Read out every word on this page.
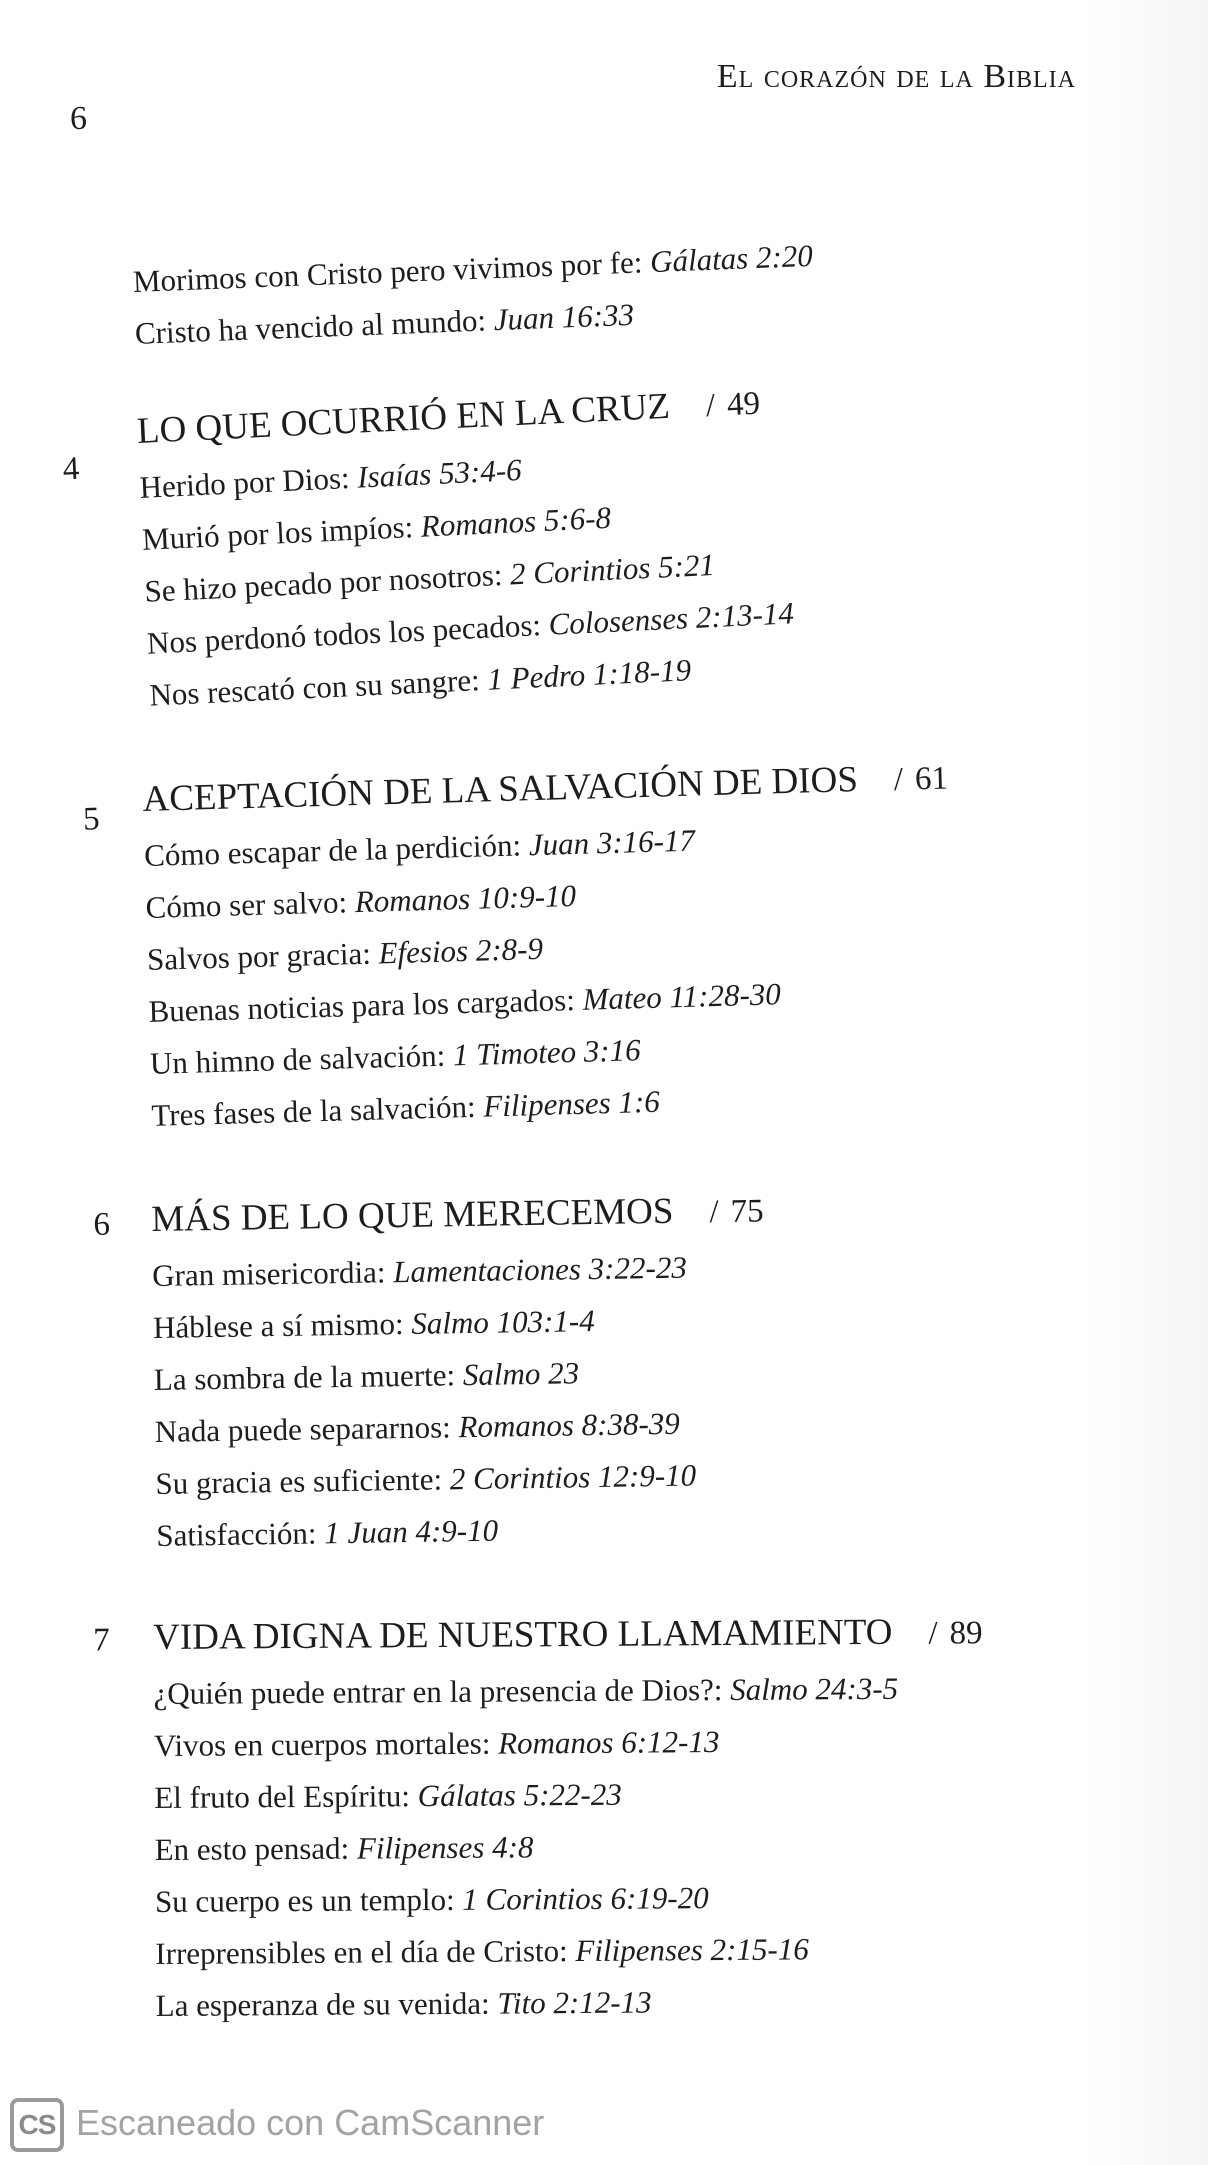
El corazón de la Biblia
6
Morimos con Cristo pero vivimos por fe: Gálatas 2:20
Cristo ha vencido al mundo: Juan 16:33
4
LO QUE OCURRIÓ EN LA CRUZ / 49
Herido por Dios: Isaías 53:4-6
Murió por los impíos: Romanos 5:6-8
Se hizo pecado por nosotros: 2 Corintios 5:21
Nos perdonó todos los pecados: Colosenses 2:13-14
Nos rescató con su sangre: 1 Pedro 1:18-19
5 ACEPTACIÓN DE LA SALVACIÓN DE DIOS / 61
Cómo escapar de la perdición: Juan 3:16-17
Cómo ser salvo: Romanos 10:9-10
Salvos por gracia: Efesios 2:8-9
Buenas noticias para los cargados: Mateo 11:28-30
Un himno de salvación: 1 Timoteo 3:16
Tres fases de la salvación: Filipenses 1:6
6 MÁS DE LO QUE MERECEMOS / 75
Gran misericordia: Lamentaciones 3:22-23
Háblese a sí mismo: Salmo 103:1-4
La sombra de la muerte: Salmo 23
Nada puede separarnos: Romanos 8:38-39
Su gracia es suficiente: 2 Corintios 12:9-10
Satisfacción: 1 Juan 4:9-10
7 VIDA DIGNA DE NUESTRO LLAMAMIENTO / 89
¿Quién puede entrar en la presencia de Dios?: Salmo 24:3-5
Vivos en cuerpos mortales: Romanos 6:12-13
El fruto del Espíritu: Gálatas 5:22-23
En esto pensad: Filipenses 4:8
Su cuerpo es un templo: 1 Corintios 6:19-20
Irreprensibles en el día de Cristo: Filipenses 2:15-16
La esperanza de su venida: Tito 2:12-13
CS Escaneado con CamScanner
